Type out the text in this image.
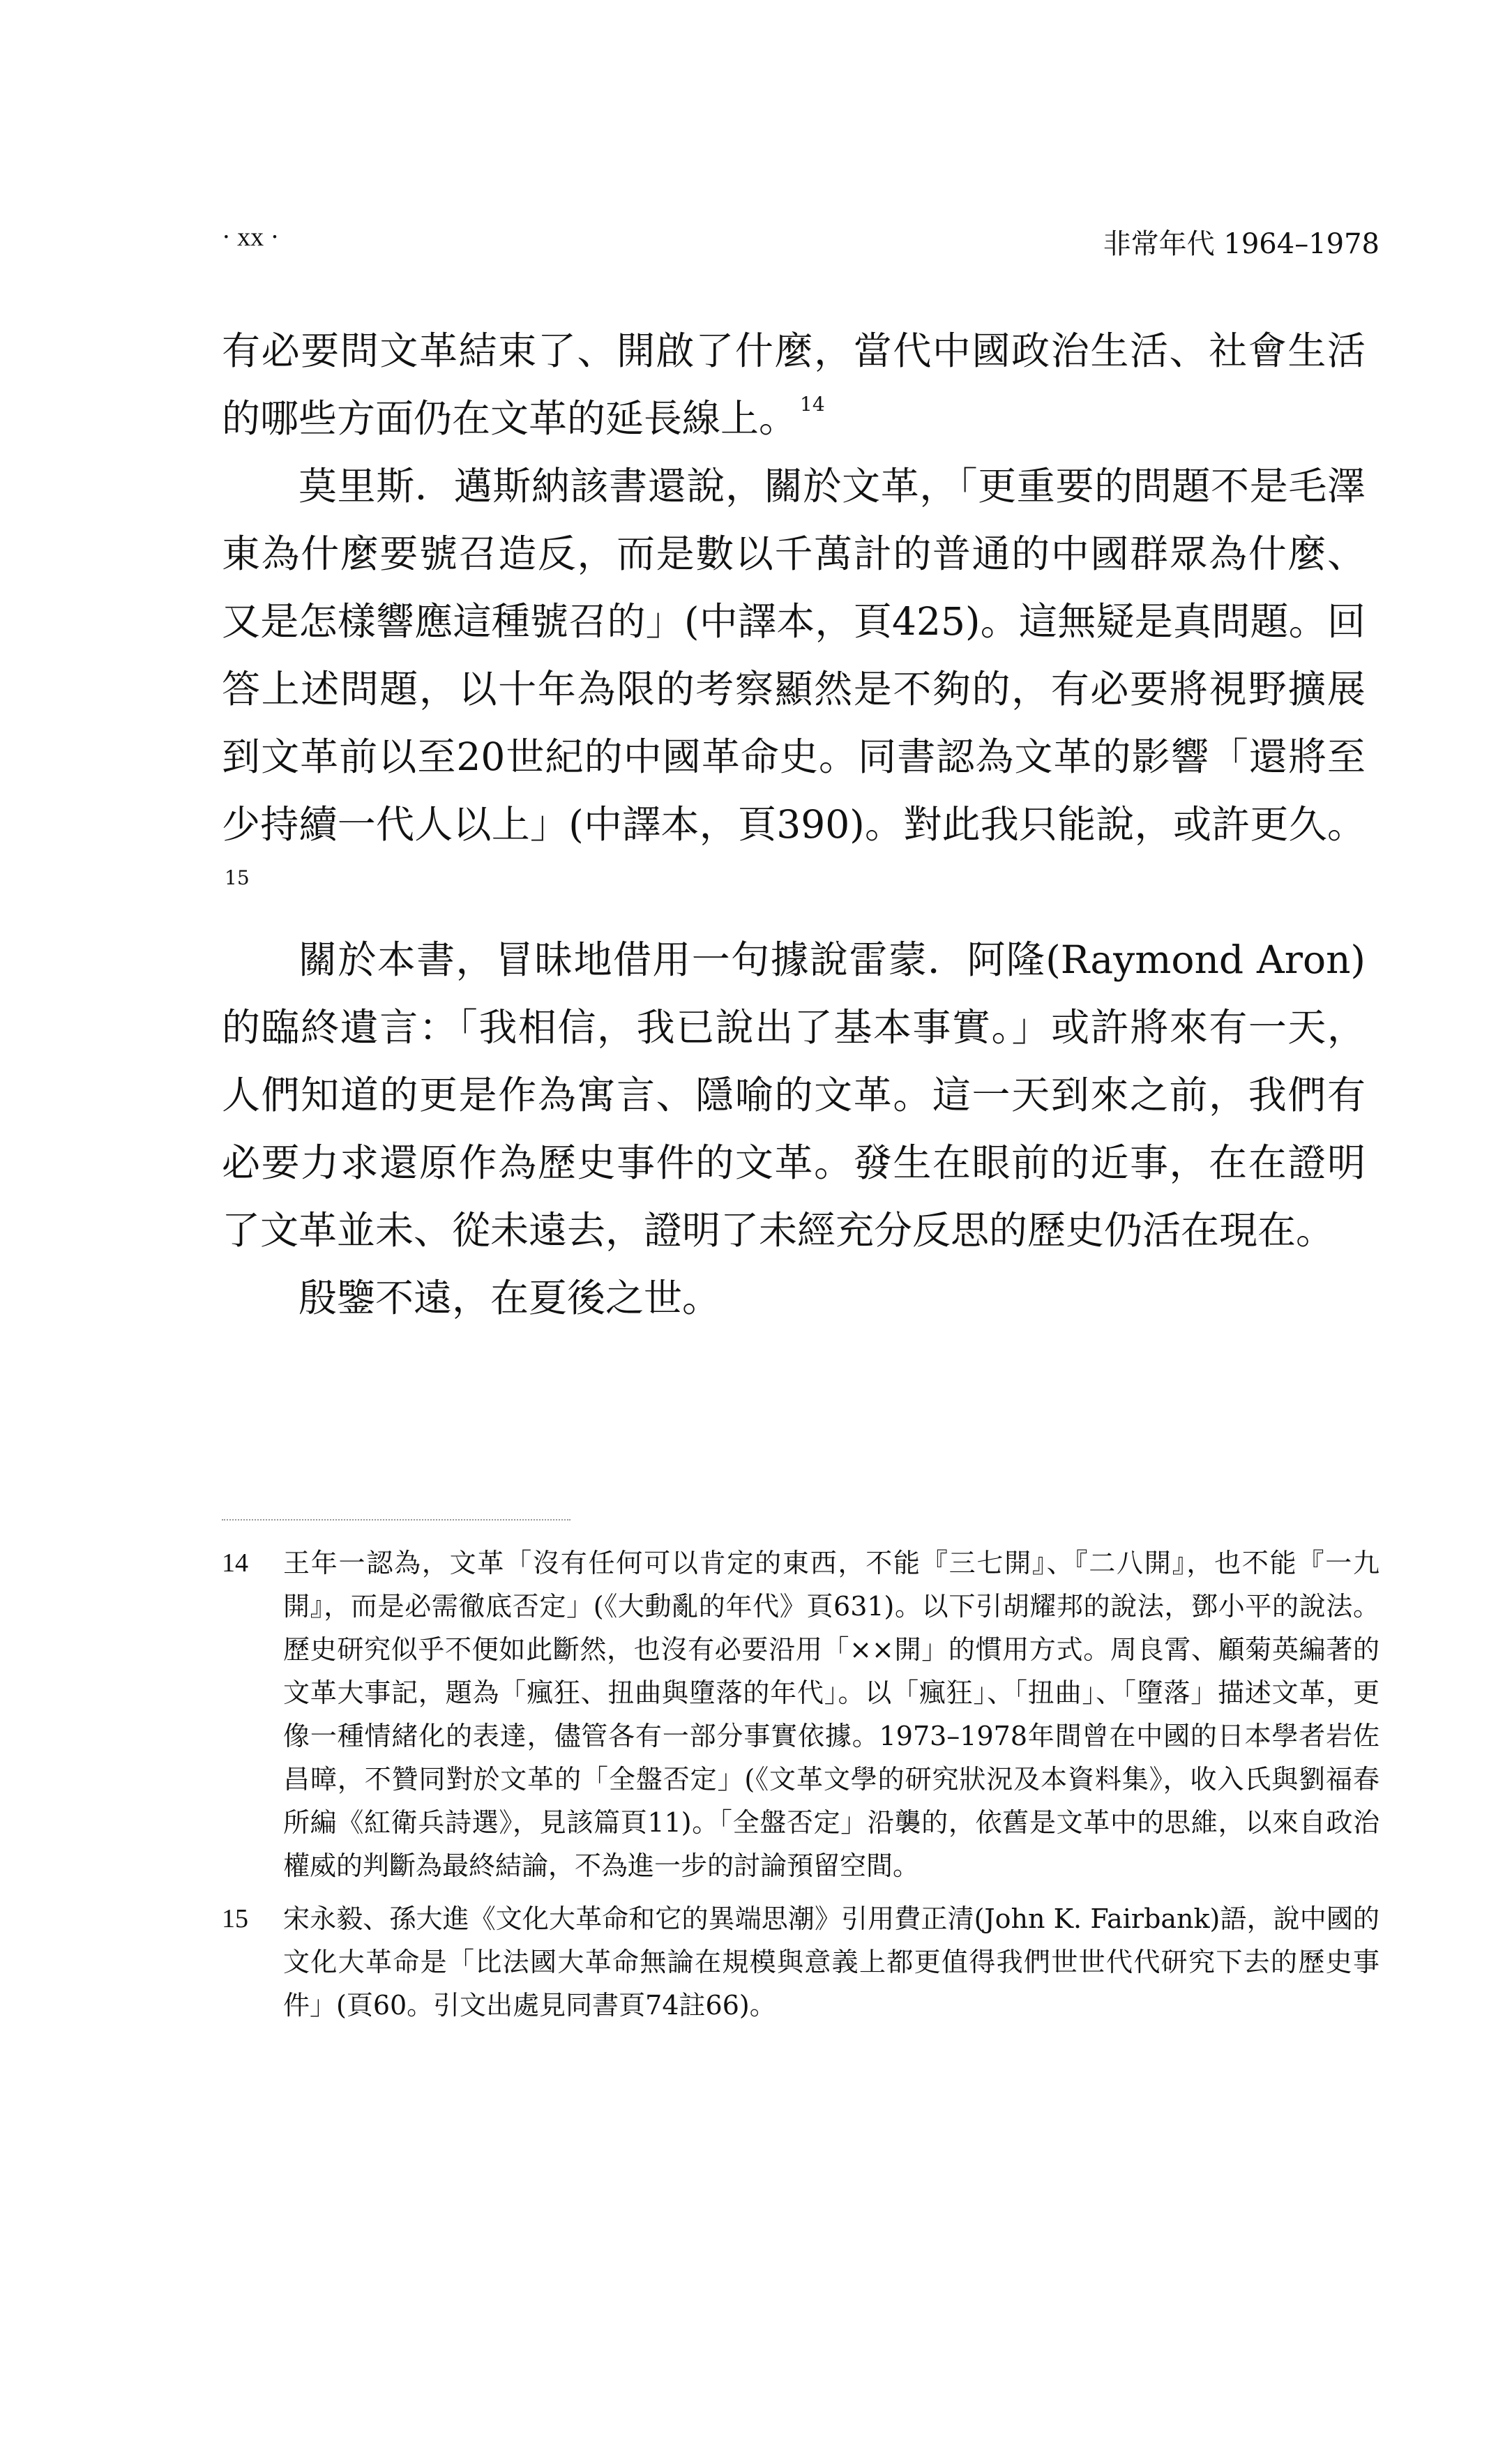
· xx ·	非常年代 1964–1978

有必要問文革結束了、開啟了什麼，當代中國政治生活、社會生活的哪些方面仍在文革的延長線上。 $^{14}$

莫里斯．邁斯納該書還說，關於文革，「更重要的問題不是毛澤東為什麼要號召造反，而是數以千萬計的普通的中國群眾為什麼、又是怎樣響應這種號召的」(中譯本，頁425)。這無疑是真問題。回答上述問題，以十年為限的考察顯然是不夠的，有必要將視野擴展到文革前以至20世紀的中國革命史。同書認為文革的影響「還將至少持續一代人以上」(中譯本，頁390)。對此我只能說，或許更久。$^{15}$

關於本書，冒昧地借用一句據說雷蒙．阿隆(Raymond Aron)的臨終遺言：「我相信，我已說出了基本事實。」或許將來有一天，人們知道的更是作為寓言、隱喻的文革。這一天到來之前，我們有必要力求還原作為歷史事件的文革。發生在眼前的近事，在在證明了文革並未、從未遠去，證明了未經充分反思的歷史仍活在現在。

殷鑒不遠，在夏後之世。

14 王年一認為，文革「沒有任何可以肯定的東西，不能『三七開』、『二八開』，也不能『一九開』，而是必需徹底否定」(《大動亂的年代》頁631)。以下引胡耀邦的說法，鄧小平的說法。歷史研究似乎不便如此斷然，也沒有必要沿用「××開」的慣用方式。周良霄、顧菊英編著的文革大事記，題為「瘋狂、扭曲與墮落的年代」。以「瘋狂」、「扭曲」、「墮落」描述文革，更像一種情緒化的表達，儘管各有一部分事實依據。1973–1978年間曾在中國的日本學者岩佐昌暲，不贊同對於文革的「全盤否定」(《文革文學的研究狀況及本資料集》，收入氏與劉福春所編《紅衛兵詩選》，見該篇頁11)。「全盤否定」沿襲的，依舊是文革中的思維，以來自政治權威的判斷為最終結論，不為進一步的討論預留空間。
15 宋永毅、孫大進《文化大革命和它的異端思潮》引用費正清(John K. Fairbank)語，說中國的文化大革命是「比法國大革命無論在規模與意義上都更值得我們世世代代研究下去的歷史事件」(頁60。引文出處見同書頁74註66)。
